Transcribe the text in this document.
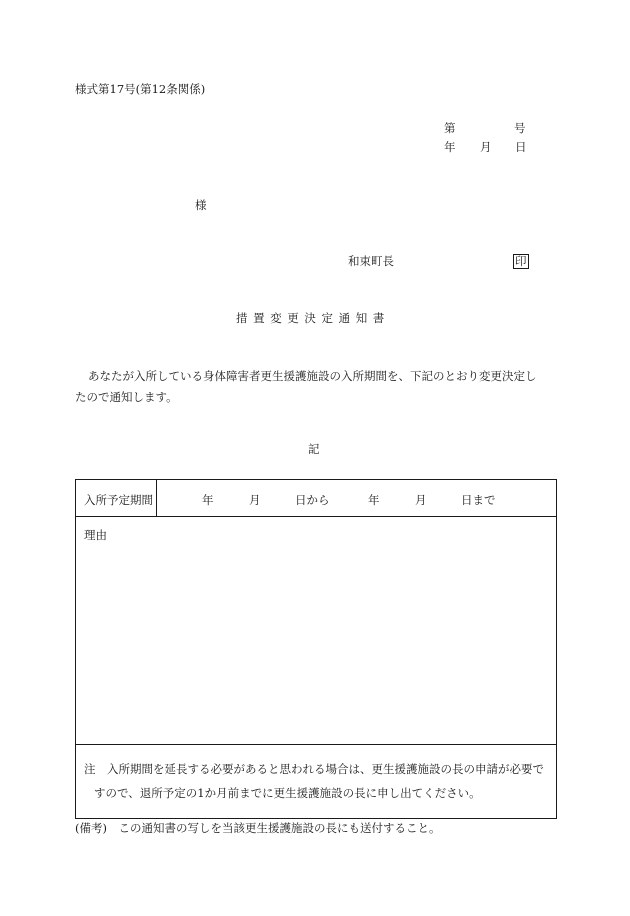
様式第17号(第12条関係)
第	号
年 月 日
様
和束町長	印
措置変更決定通知書
あなたが入所している身体障害者更生援護施設の入所期間を、下記のとおり変更決定し
たので通知します。
記
入所予定期間	年	月	日から	年	月	日まで
理由
注　入所期間を延長する必要があると思われる場合は、更生援護施設の長の申請が必要で
すので、退所予定の1か月前までに更生援護施設の長に申し出てください。
(備考)　この通知書の写しを当該更生援護施設の長にも送付すること。
